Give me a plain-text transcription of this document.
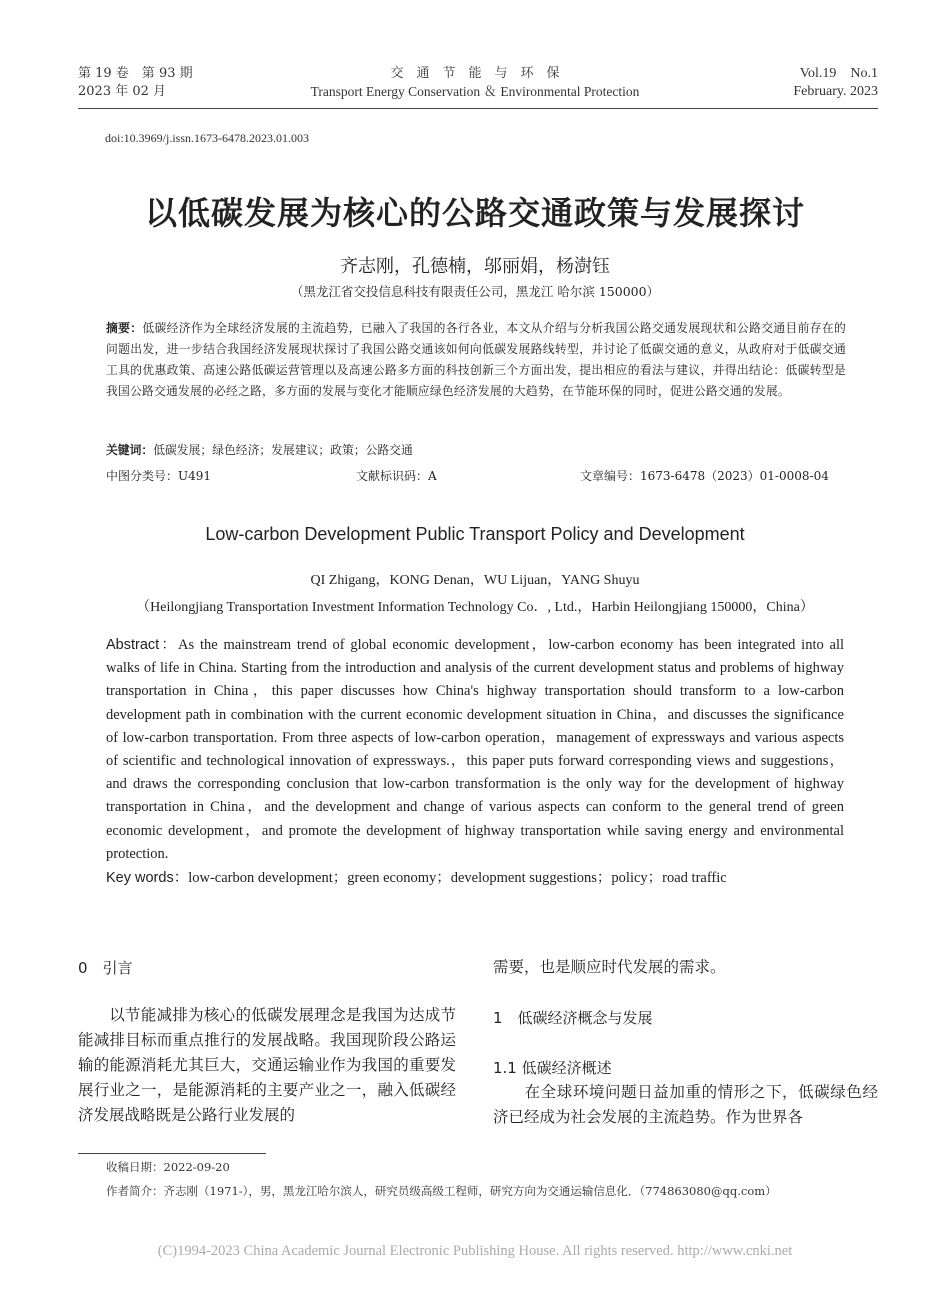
第 19 卷　第 93 期
2023 年 02 月
交　通　节　能　与　环　保
Transport Energy Conservation ＆ Environmental Protection
Vol.19　No.1
February. 2023
doi:10.3969/j.issn.1673-6478.2023.01.003
以低碳发展为核心的公路交通政策与发展探讨
齐志刚，孔德楠，邬丽娟，杨澍钰
（黑龙江省交投信息科技有限责任公司，黑龙江 哈尔滨 150000）
摘要：低碳经济作为全球经济发展的主流趋势，已融入了我国的各行各业，本文从介绍与分析我国公路交通发展现状和公路交通目前存在的问题出发，进一步结合我国经济发展现状探讨了我国公路交通该如何向低碳发展路线转型，并讨论了低碳交通的意义，从政府对于低碳交通工具的优惠政策、高速公路低碳运营管理以及高速公路多方面的科技创新三个方面出发，提出相应的看法与建议，并得出结论：低碳转型是我国公路交通发展的必经之路，多方面的发展与变化才能顺应绿色经济发展的大趋势，在节能环保的同时，促进公路交通的发展。
关键词：低碳发展；绿色经济；发展建议；政策；公路交通
中图分类号：U491	文献标识码：A	文章编号：1673-6478（2023）01-0008-04
Low-carbon Development Public Transport Policy and Development
QI Zhigang，KONG Denan，WU Lijuan，YANG Shuyu
（Heilongjiang Transportation Investment Information Technology Co．, Ltd.，Harbin Heilongjiang 150000，China）
Abstract：As the mainstream trend of global economic development，low-carbon economy has been integrated into all walks of life in China. Starting from the introduction and analysis of the current development status and problems of highway transportation in China，this paper discusses how China's highway transportation should transform to a low-carbon development path in combination with the current economic development situation in China，and discusses the significance of low-carbon transportation. From three aspects of low-carbon operation，management of expressways and various aspects of scientific and technological innovation of expressways.，this paper puts forward corresponding views and suggestions，and draws the corresponding conclusion that low-carbon transformation is the only way for the development of highway transportation in China，and the development and change of various aspects can conform to the general trend of green economic development，and promote the development of highway transportation while saving energy and environmental protection.
Key words：low-carbon development；green economy；development suggestions；policy；road traffic
0　引言
以节能减排为核心的低碳发展理念是我国为达成节能减排目标而重点推行的发展战略。我国现阶段公路运输的能源消耗尤其巨大，交通运输业作为我国的重要发展行业之一，是能源消耗的主要产业之一，融入低碳经济发展战略既是公路行业发展的
需要，也是顺应时代发展的需求。
1　低碳经济概念与发展
1.1 低碳经济概述
在全球环境问题日益加重的情形之下，低碳绿色经济已经成为社会发展的主流趋势。作为世界各
收稿日期：2022-09-20
作者简介：齐志刚（1971-），男，黑龙江哈尔滨人，研究员级高级工程师，研究方向为交通运输信息化．（774863080@qq.com）
(C)1994-2023 China Academic Journal Electronic Publishing House. All rights reserved. http://www.cnki.net
